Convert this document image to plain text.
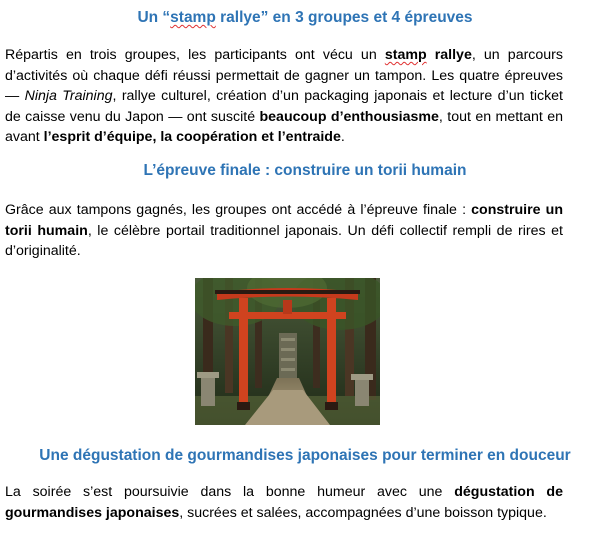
Un “stamp rallye” en 3 groupes et 4 épreuves

Répartis en trois groupes, les participants ont vécu un stamp rallye, un parcours d’activités où chaque défi réussi permettait de gagner un tampon. Les quatre épreuves — Ninja Training, rallye culturel, création d’un packaging japonais et lecture d’un ticket de caisse venu du Japon — ont suscité beaucoup d’enthousiasme, tout en mettant en avant l’esprit d’équipe, la coopération et l’entraide.

L’épreuve finale : construire un torii humain

Grâce aux tampons gagnés, les groupes ont accédé à l’épreuve finale : construire un torii humain, le célèbre portail traditionnel japonais. Un défi collectif rempli de rires et d’originalité.

Une dégustation de gourmandises japonaises pour terminer en douceur

La soirée s’est poursuivie dans la bonne humeur avec une dégustation de gourmandises japonaises, sucrées et salées, accompagnées d’une boisson typique.
